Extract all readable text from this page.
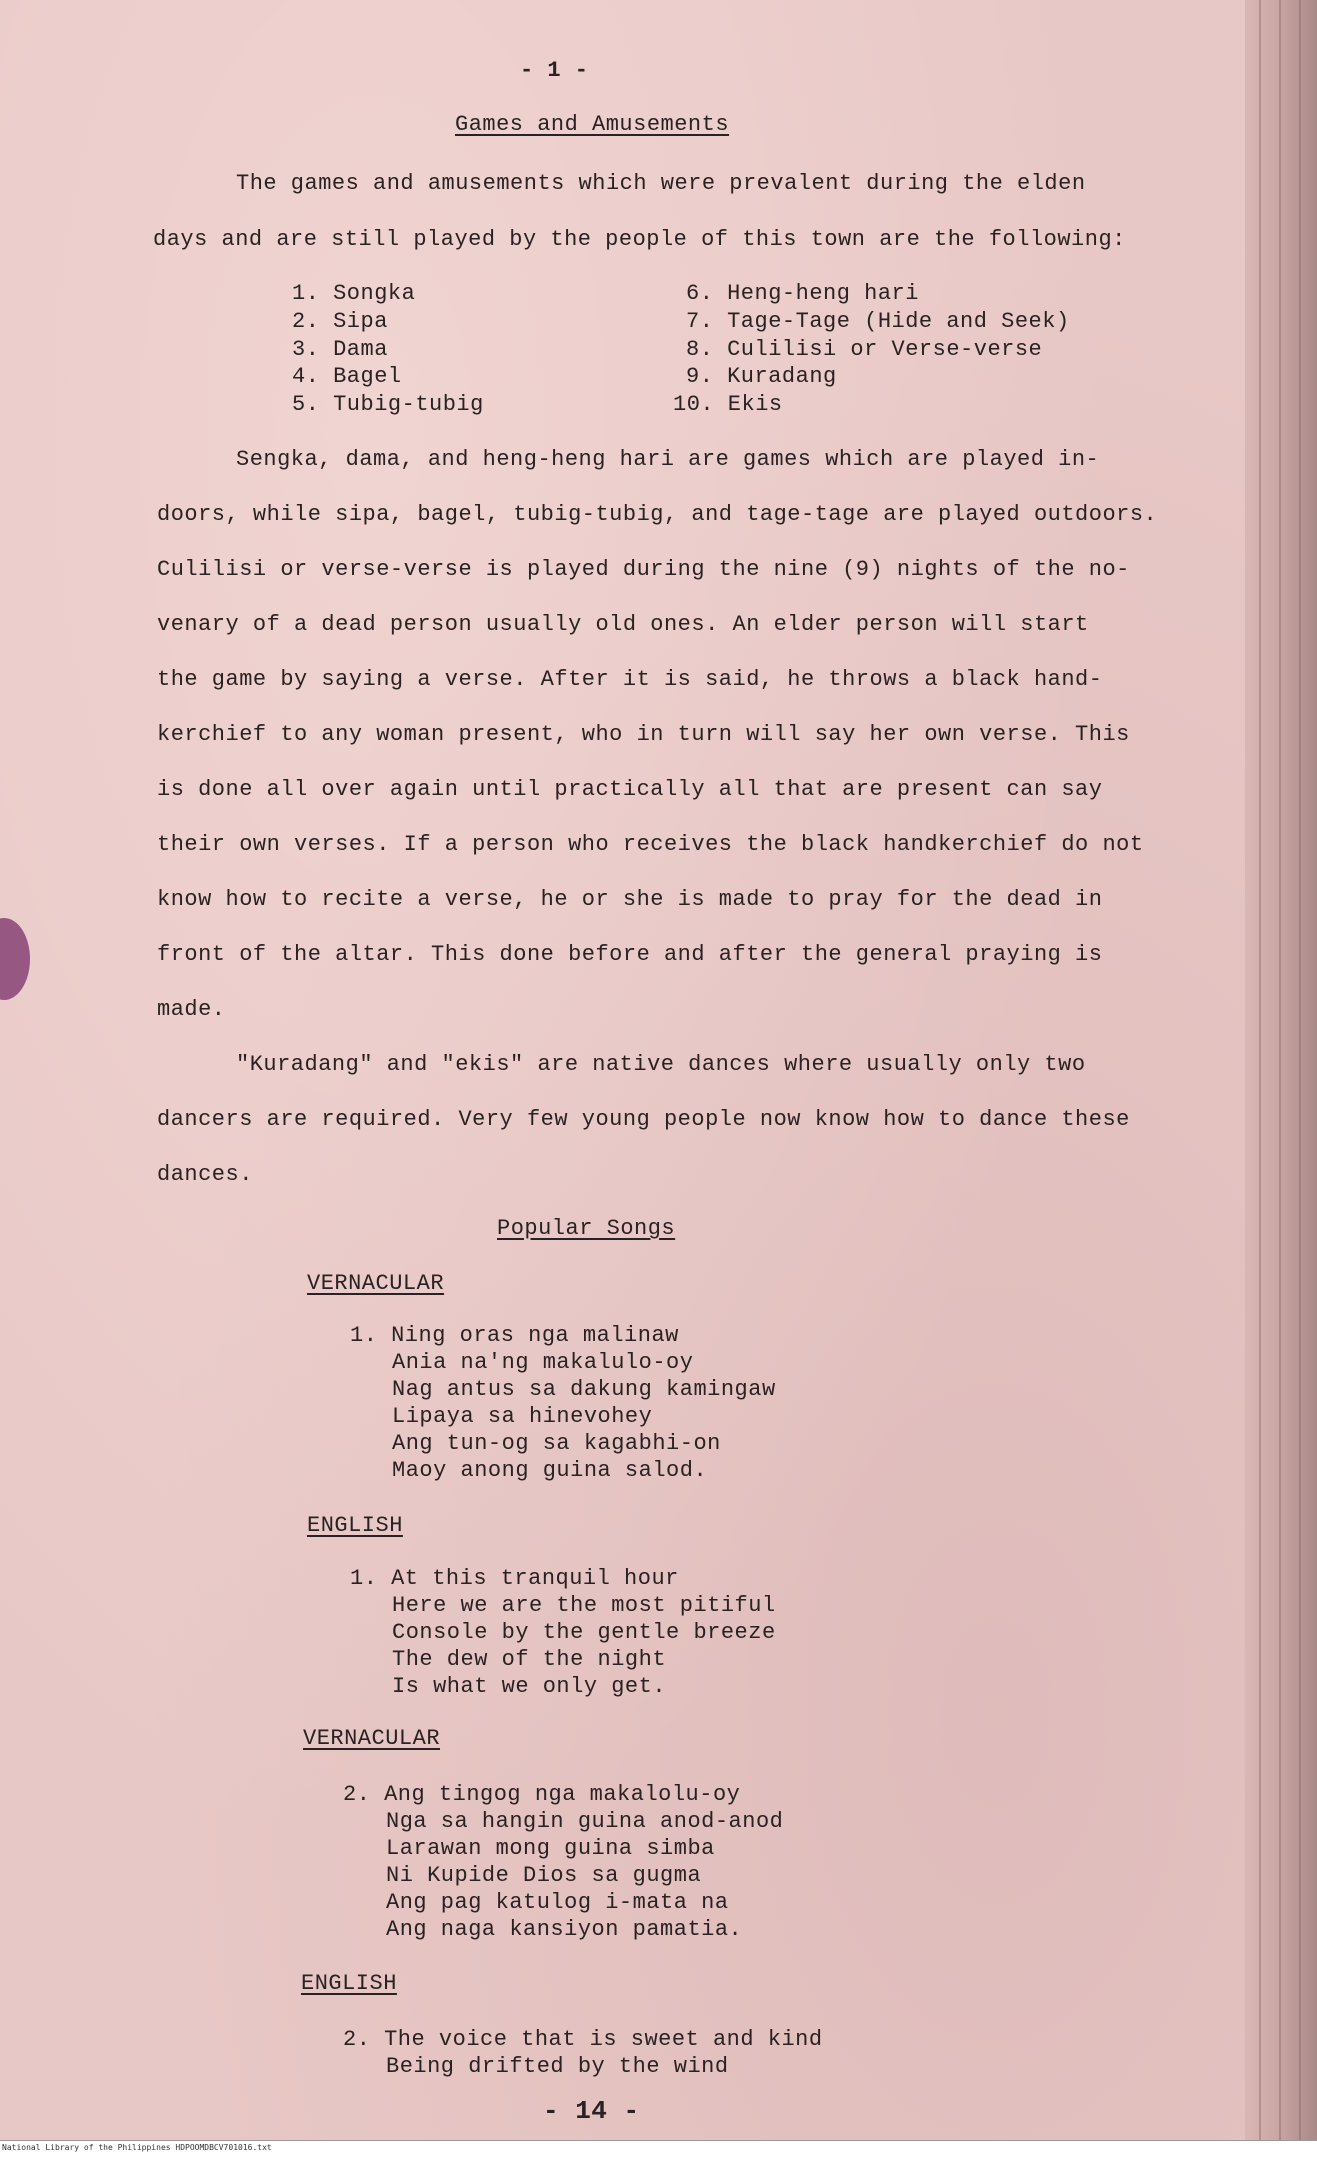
- 1 -
Games and Amusements
The games and amusements which were prevalent during the elden
days and are still played by the people of this town are the following:
1. Songka
2. Sipa
3. Dama
4. Bagel
5. Tubig-tubig
6. Heng-heng hari
7. Tage-Tage (Hide and Seek)
8. Culilisi or Verse-verse
9. Kuradang
10. Ekis
Sengka, dama, and heng-heng hari are games which are played in-
doors, while sipa, bagel, tubig-tubig, and tage-tage are played outdoors.
Culilisi or verse-verse is played during the nine (9) nights of the no-
venary of a dead person usually old ones. An elder person will start
the game by saying a verse. After it is said, he throws a black hand-
kerchief to any woman present, who in turn will say her own verse. This
is done all over again until practically all that are present can say
their own verses. If a person who receives the black handkerchief do not
know how to recite a verse, he or she is made to pray for the dead in
front of the altar. This done before and after the general praying is
made.
"Kuradang" and "ekis" are native dances where usually only two
dancers are required. Very few young people now know how to dance these
dances.
Popular Songs
VERNACULAR
1. Ning oras nga malinaw
Ania na'ng makalulo-oy
Nag antus sa dakung kamingaw
Lipaya sa hinevohey
Ang tun-og sa kagabhi-on
Maoy anong guina salod.
ENGLISH
1. At this tranquil hour
Here we are the most pitiful
Console by the gentle breeze
The dew of the night
Is what we only get.
VERNACULAR
2. Ang tingog nga makalolu-oy
Nga sa hangin guina anod-anod
Larawan mong guina simba
Ni Kupide Dios sa gugma
Ang pag katulog i-mata na
Ang naga kansiyon pamatia.
ENGLISH
2. The voice that is sweet and kind
Being drifted by the wind
- 14 -
National Library of the Philippines HDPOOMDBCV701016.txt
